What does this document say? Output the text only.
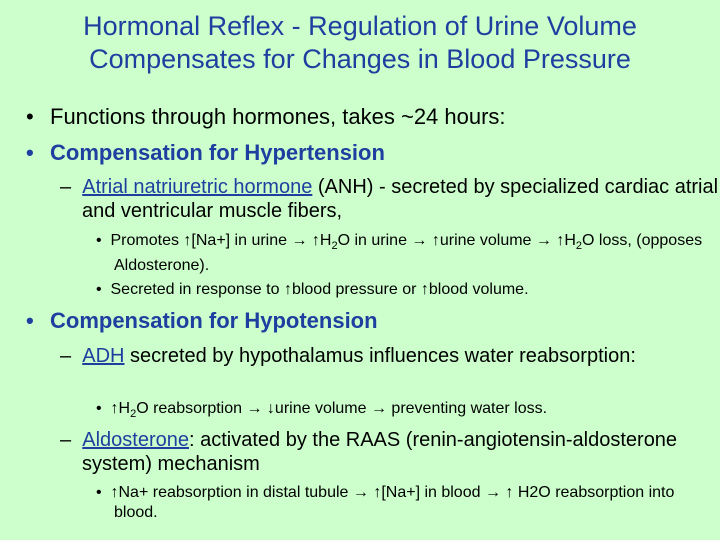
Hormonal Reflex - Regulation of Urine Volume
Compensates for Changes in Blood Pressure

• Functions through hormones, takes ~24 hours:

• Compensation for Hypertension

– Atrial natriuretric hormone (ANH) - secreted by specialized cardiac atrial and ventricular muscle fibers,

• Promotes ↑[Na+] in urine → $↑H_2O$ in urine → ↑urine volume → $↑H_2O$ loss, (opposes Aldosterone).

• Secreted in response to ↑blood pressure or ↑blood volume.

• Compensation for Hypotension

– ADH secreted by hypothalamus influences water reabsorption:

• $↑H_2O$ reabsorption → ↓urine volume → preventing water loss.

– Aldosterone: activated by the RAAS (renin-angiotensin-aldosterone system) mechanism

• ↑Na+ reabsorption in distal tubule → ↑[Na+] in blood → ↑ H2O reabsorption into blood.
